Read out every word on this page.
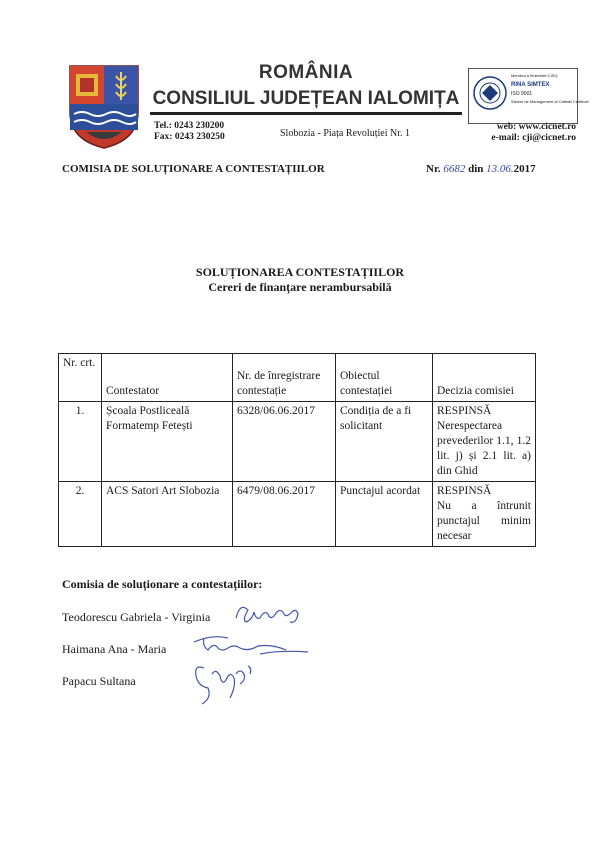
ROMÂNIA
CONSILIUL JUDEȚEAN IALOMIȚA
Membra a federatiei CISQ
RINA SIMTEX
ISO 9001
Sistem de Management al Calitatii Certificat
Tel.: 0243 230200
Fax: 0243 230250	Slobozia - Piața Revoluției Nr. 1
web: www.cicnet.ro
e-mail: cji@cicnet.ro
COMISIA DE SOLUȚIONARE A CONTESTAȚIILOR	Nr. 6682 din 13.06.2017
SOLUȚIONAREA CONTESTAȚIILOR
Cereri de finanțare nerambursabilă
Nr. crt.	Contestator	Nr. de înregistrare contestație	Obiectul contestației	Decizia comisiei
1.	Școala Postliceală Formatemp Fetești	6328/06.06.2017	Condiția de a fi solicitant	RESPINSĂ
Nerespectarea prevederilor 1.1, 1.2 lit. j) și 2.1 lit. a) din Ghid

2.	ACS Satori Art Slobozia	6479/08.06.2017	Punctajul acordat	RESPINSĂ
Nu a întrunit punctajul minim necesar
Comisia de soluționare a contestațiilor:
Teodorescu Gabriela - Virginia
Haimana Ana - Maria
Papacu Sultana
